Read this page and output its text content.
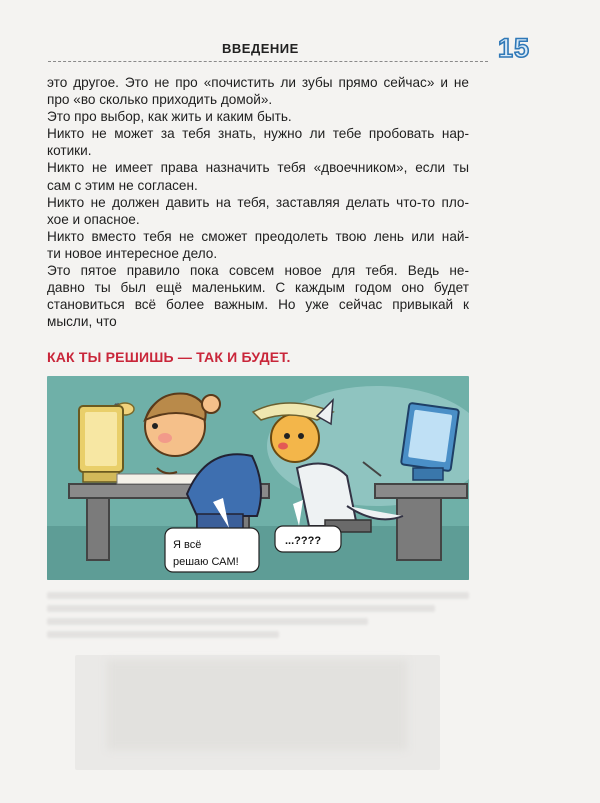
ВВЕДЕНИЕ	15

это другое. Это не про «почистить ли зубы прямо сейчас» и не

про «во сколько приходить домой».

Это про выбор, как жить и каким быть.

Никто не может за тебя знать, нужно ли тебе пробовать нар-

котики.

Никто не имеет права назначить тебя «двоечником», если ты

сам с этим не согласен.

Никто не должен давить на тебя, заставляя делать что-то пло-

хое и опасное.

Никто вместо тебя не сможет преодолеть твою лень или най-

ти новое интересное дело.

Это пятое правило пока совсем новое для тебя. Ведь не-

давно ты был ещё маленьким. С каждым годом оно будет

становиться всё более важным. Но уже сейчас привыкай к

мысли, что

КАК ТЫ РЕШИШЬ — ТАК И БУДЕТ.
Я всё
решаю САМ!
...????
